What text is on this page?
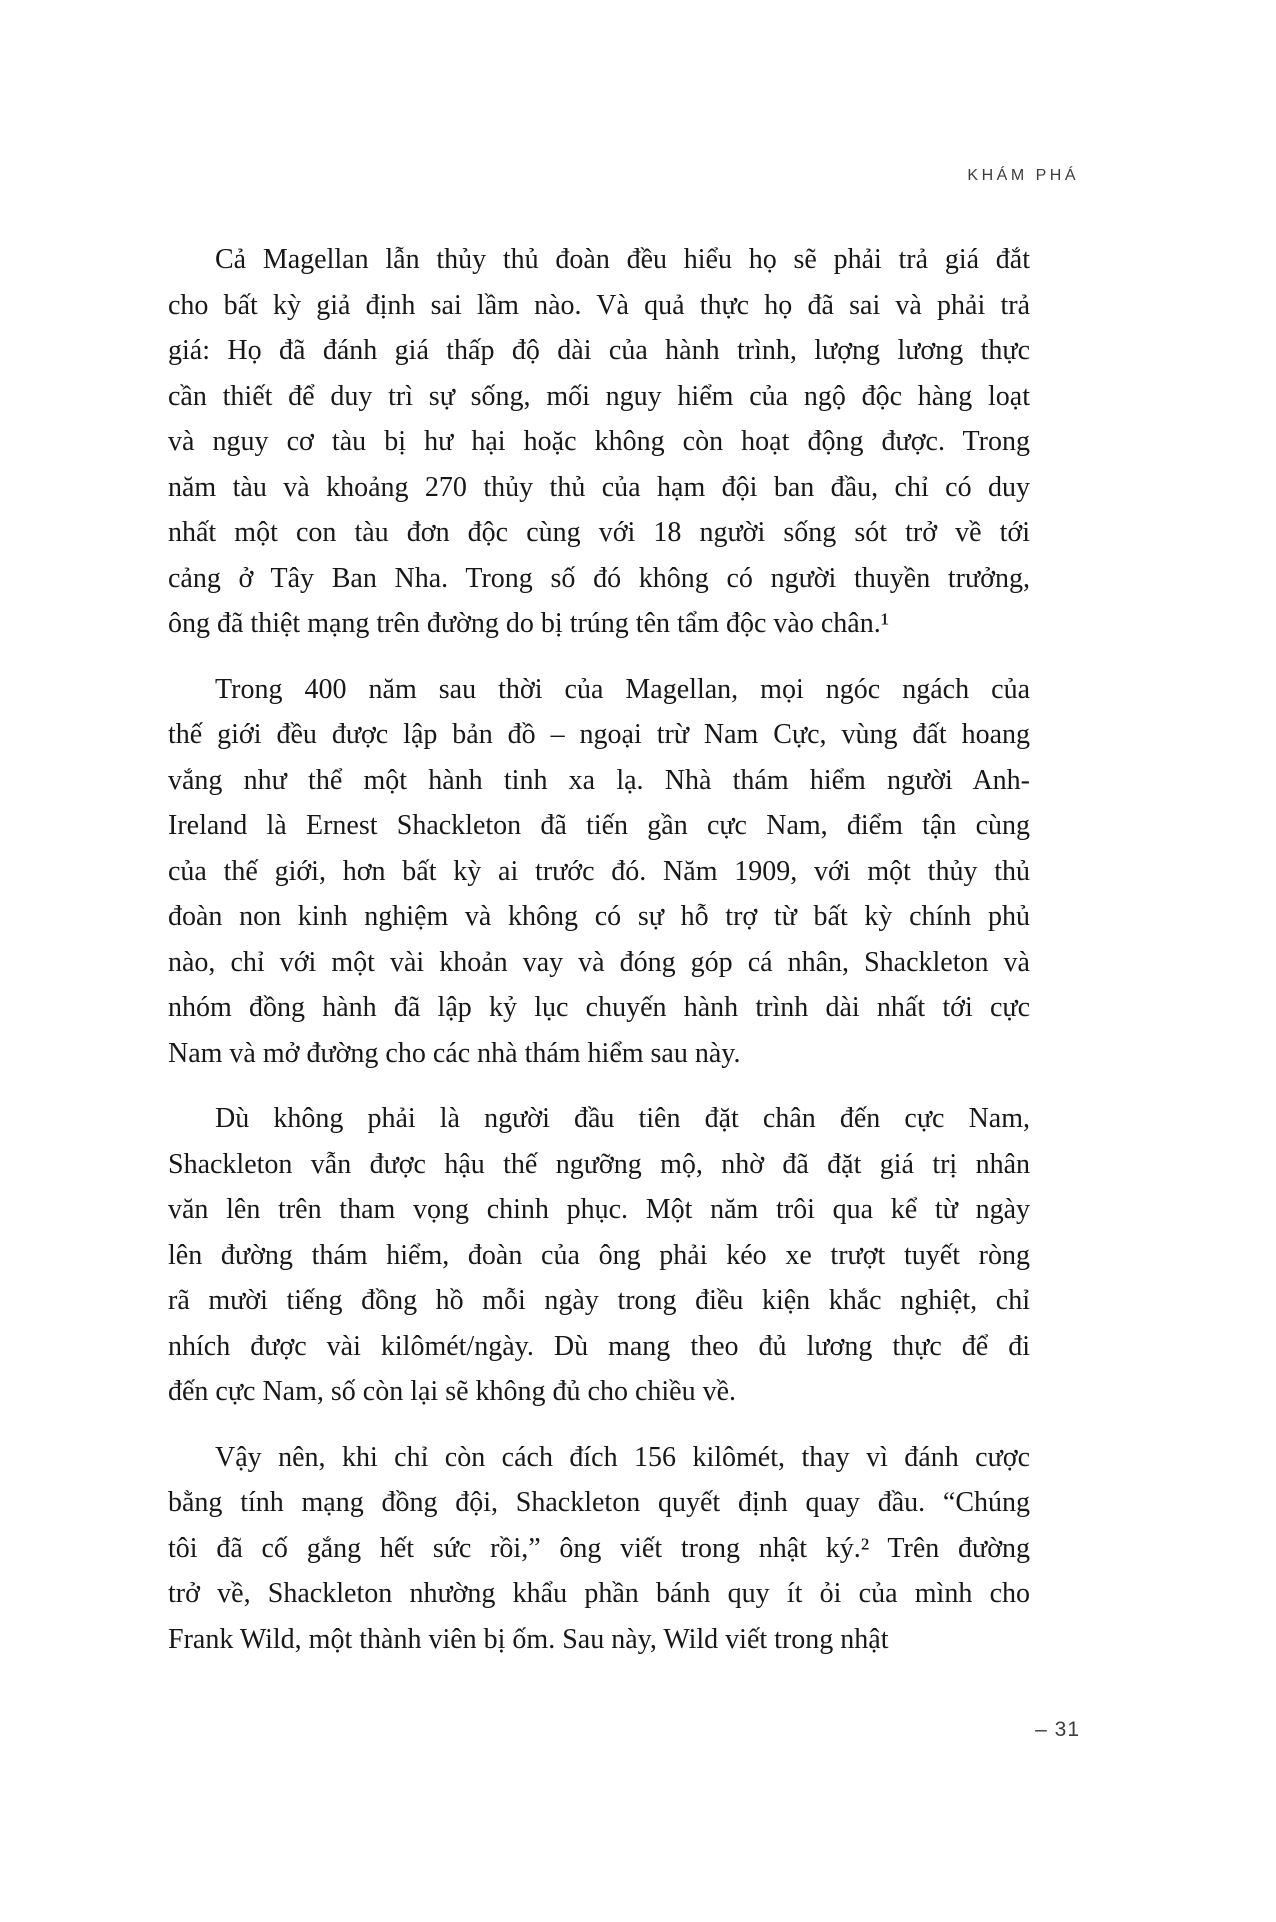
KHÁM PHÁ
Cả Magellan lẫn thủy thủ đoàn đều hiểu họ sẽ phải trả giá đắt
cho bất kỳ giả định sai lầm nào. Và quả thực họ đã sai và phải trả
giá: Họ đã đánh giá thấp độ dài của hành trình, lượng lương thực
cần thiết để duy trì sự sống, mối nguy hiểm của ngộ độc hàng loạt
và nguy cơ tàu bị hư hại hoặc không còn hoạt động được. Trong
năm tàu và khoảng 270 thủy thủ của hạm đội ban đầu, chỉ có duy
nhất một con tàu đơn độc cùng với 18 người sống sót trở về tới
cảng ở Tây Ban Nha. Trong số đó không có người thuyền trưởng,
ông đã thiệt mạng trên đường do bị trúng tên tẩm độc vào chân.¹
Trong 400 năm sau thời của Magellan, mọi ngóc ngách của
thế giới đều được lập bản đồ – ngoại trừ Nam Cực, vùng đất hoang
vắng như thể một hành tinh xa lạ. Nhà thám hiểm người Anh-
Ireland là Ernest Shackleton đã tiến gần cực Nam, điểm tận cùng
của thế giới, hơn bất kỳ ai trước đó. Năm 1909, với một thủy thủ
đoàn non kinh nghiệm và không có sự hỗ trợ từ bất kỳ chính phủ
nào, chỉ với một vài khoản vay và đóng góp cá nhân, Shackleton và
nhóm đồng hành đã lập kỷ lục chuyến hành trình dài nhất tới cực
Nam và mở đường cho các nhà thám hiểm sau này.
Dù không phải là người đầu tiên đặt chân đến cực Nam,
Shackleton vẫn được hậu thế ngưỡng mộ, nhờ đã đặt giá trị nhân
văn lên trên tham vọng chinh phục. Một năm trôi qua kể từ ngày
lên đường thám hiểm, đoàn của ông phải kéo xe trượt tuyết ròng
rã mười tiếng đồng hồ mỗi ngày trong điều kiện khắc nghiệt, chỉ
nhích được vài kilômét/ngày. Dù mang theo đủ lương thực để đi
đến cực Nam, số còn lại sẽ không đủ cho chiều về.
Vậy nên, khi chỉ còn cách đích 156 kilômét, thay vì đánh cược
bằng tính mạng đồng đội, Shackleton quyết định quay đầu. “Chúng
tôi đã cố gắng hết sức rồi,” ông viết trong nhật ký.² Trên đường
trở về, Shackleton nhường khẩu phần bánh quy ít ỏi của mình cho
Frank Wild, một thành viên bị ốm. Sau này, Wild viết trong nhật
– 31
